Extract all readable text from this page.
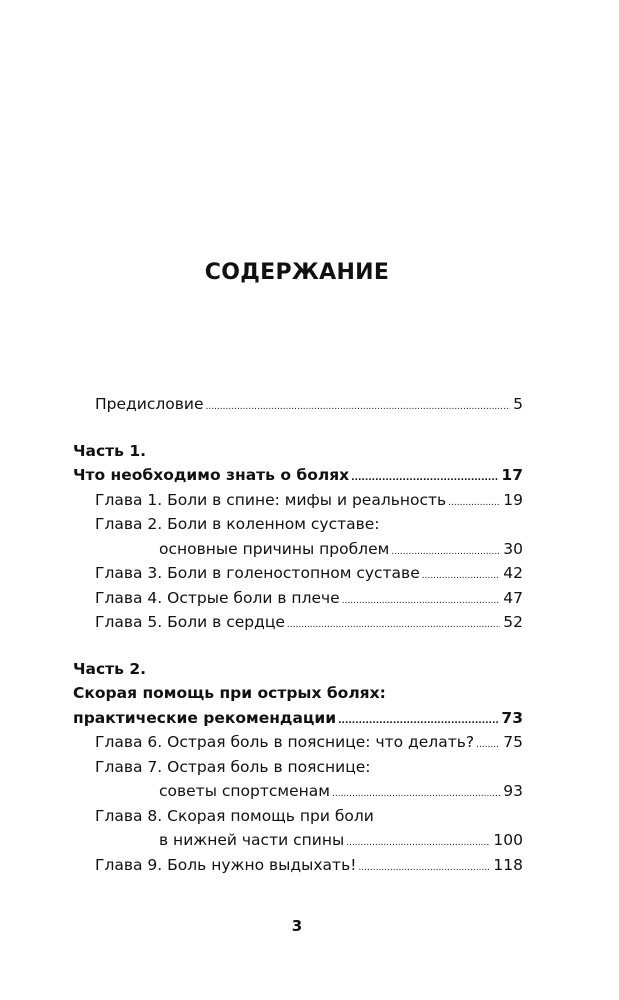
СОДЕРЖАНИЕ
Предисловие .....	5
Часть 1.
Что необходимо знать о болях .....	17
Глава 1. Боли в спине: мифы и реальность .....	19
Глава 2. Боли в коленном суставе:
основные причины проблем .....	30
Глава 3. Боли в голеностопном суставе .....	42
Глава 4. Острые боли в плече .....	47
Глава 5. Боли в сердце .....	52
Часть 2.
Скорая помощь при острых болях:
практические рекомендации .....	73
Глава 6. Острая боль в пояснице: что делать? ..... 75
Глава 7. Острая боль в пояснице:
советы спортсменам .....	93
Глава 8. Скорая помощь при боли
в нижней части спины .....	100
Глава 9. Боль нужно выдыхать! .....	118
3
